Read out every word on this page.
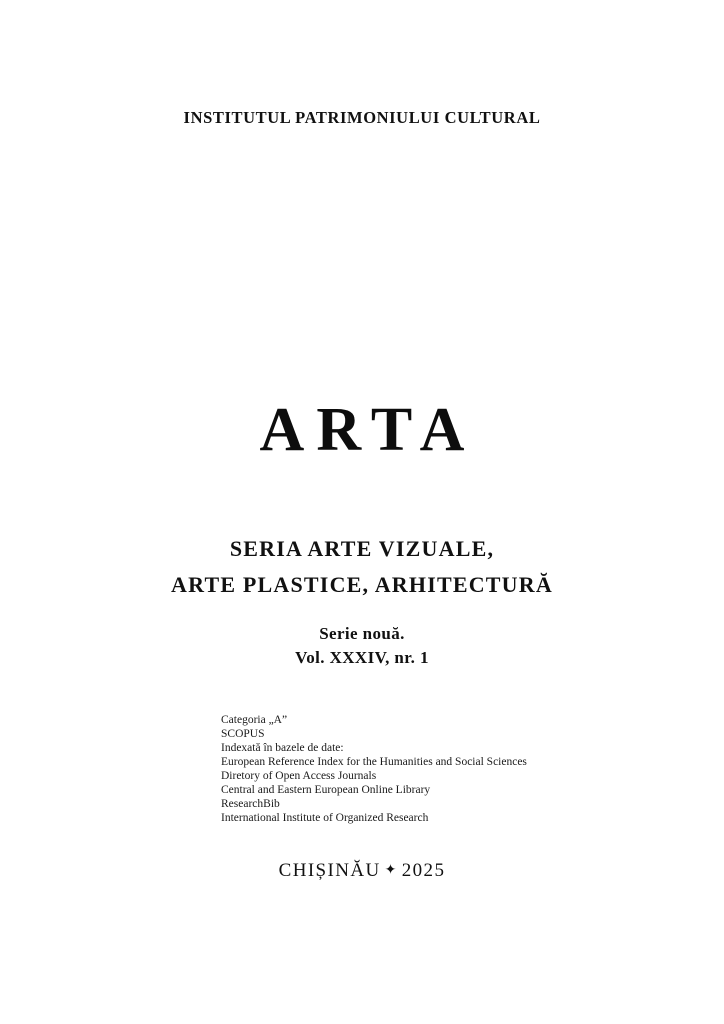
INSTITUTUL PATRIMONIULUI CULTURAL
ARTA
SERIA ARTE VIZUALE,
ARTE PLASTICE, ARHITECTURĂ
Serie nouă.
Vol. XXXIV, nr. 1
Categoria „A”
SCOPUS
Indexată în bazele de date:
European Reference Index for the Humanities and Social Sciences
Diretory of Open Access Journals
Central and Eastern European Online Library
ResearchBib
International Institute of Organized Research
CHIȘINĂU ✦ 2025
